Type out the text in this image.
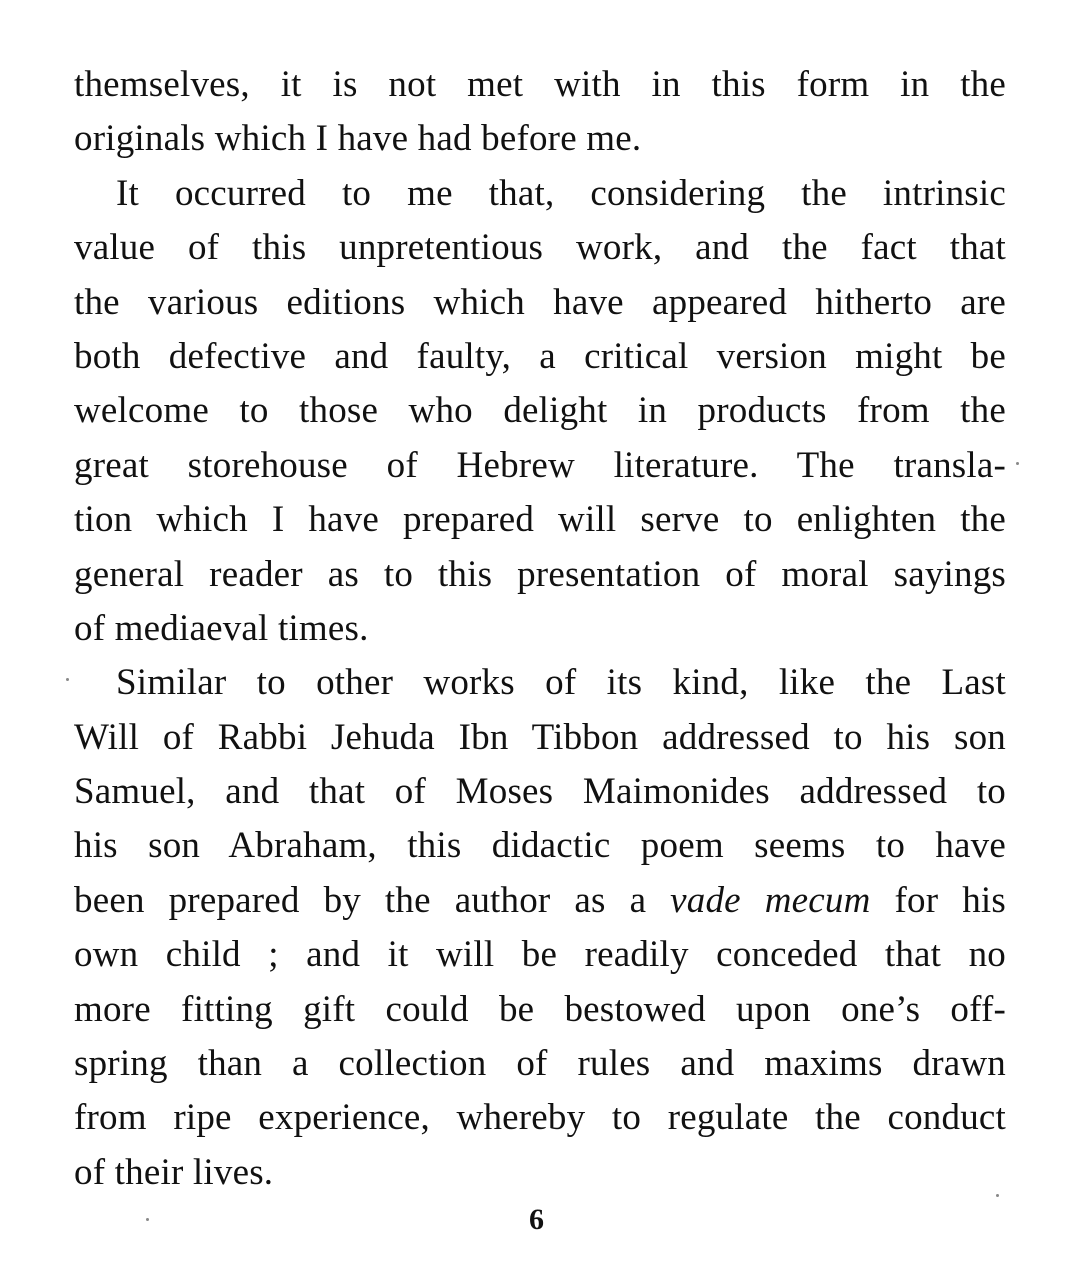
themselves, it is not met with in this form in the
originals which I have had before me.
It occurred to me that, considering the intrinsic
value of this unpretentious work, and the fact that
the various editions which have appeared hitherto are
both defective and faulty, a critical version might be
welcome to those who delight in products from the
great storehouse of Hebrew literature. The transla-
tion which I have prepared will serve to enlighten the
general reader as to this presentation of moral sayings
of mediaeval times.
Similar to other works of its kind, like the Last
Will of Rabbi Jehuda Ibn Tibbon addressed to his son
Samuel, and that of Moses Maimonides addressed to
his son Abraham, this didactic poem seems to have
been prepared by the author as a vade mecum for his
own child ; and it will be readily conceded that no
more fitting gift could be bestowed upon one’s off-
spring than a collection of rules and maxims drawn
from ripe experience, whereby to regulate the conduct
of their lives.
6
